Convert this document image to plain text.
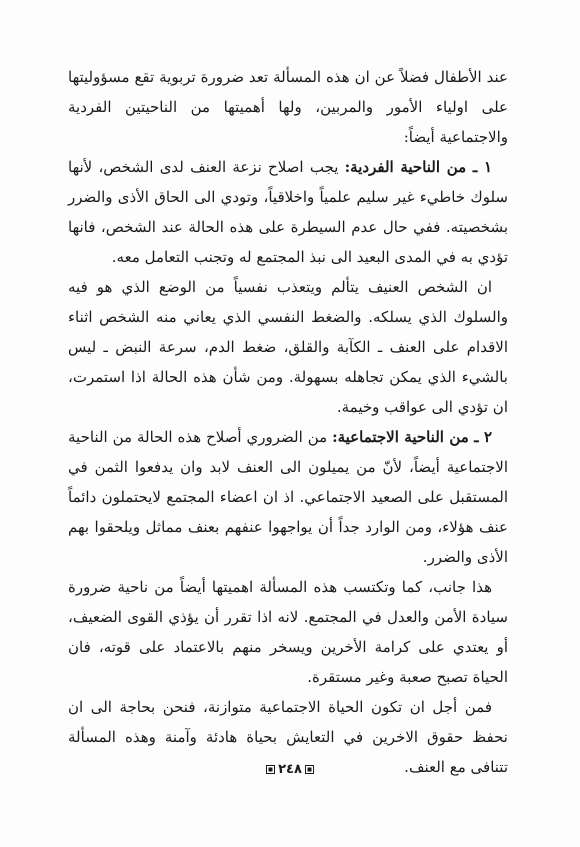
عند الأطفال فضلاً عن ان هذه المسألة تعد ضرورة تربوية تقع مسؤوليتها على اولياء الأمور والمربين، ولها أهميتها من الناحيتين الفردية والاجتماعية أيضاً:

١ ـ من الناحية الفردية: يجب اصلاح نزعة العنف لدى الشخص، لأنها سلوك خاطيء غير سليم علمياً واخلاقياً، وتودي الى الحاق الأذى والضرر بشخصيته. ففي حال عدم السيطرة على هذه الحالة عند الشخص، فانها تؤدي به في المدى البعيد الى نبذ المجتمع له وتجنب التعامل معه.

ان الشخص العنيف يتألم ويتعذب نفسياً من الوضع الذي هو فيه والسلوك الذي يسلكه. والضغط النفسي الذي يعاني منه الشخص اثناء الاقدام على العنف ـ الكآبة والقلق، ضغط الدم، سرعة النبض ـ ليس بالشيء الذي يمكن تجاهله بسهولة. ومن شأن هذه الحالة اذا استمرت، ان تؤدي الى عواقب وخيمة.

٢ ـ من الناحية الاجتماعية: من الضروري أصلاح هذه الحالة من الناحية الاجتماعية أيضاً، لأنّ من يميلون الى العنف لابد وان يدفعوا الثمن في المستقبل على الصعيد الاجتماعي. اذ ان اعضاء المجتمع لايحتملون دائماً عنف هؤلاء، ومن الوارد جداً أن يواجهوا عنفهم بعنف مماثل ويلحقوا بهم الأذى والضرر.

هذا جانب، كما وتكتسب هذه المسألة اهميتها أيضاً من ناحية ضرورة سيادة الأمن والعدل في المجتمع. لانه اذا تقرر أن يؤذي القوى الضعيف، أو يعتدي على كرامة الأخرين ويسخر منهم بالاعتماد على قوته، فان الحياة تصبح صعبة وغير مستقرة.

فمن أجل ان تكون الحياة الاجتماعية متوازنة، فنحن بحاجة الى ان نحفظ حقوق الاخرين في التعايش بحياة هادئة وآمنة وهذه المسألة تتنافى مع العنف.

٢٤٨
